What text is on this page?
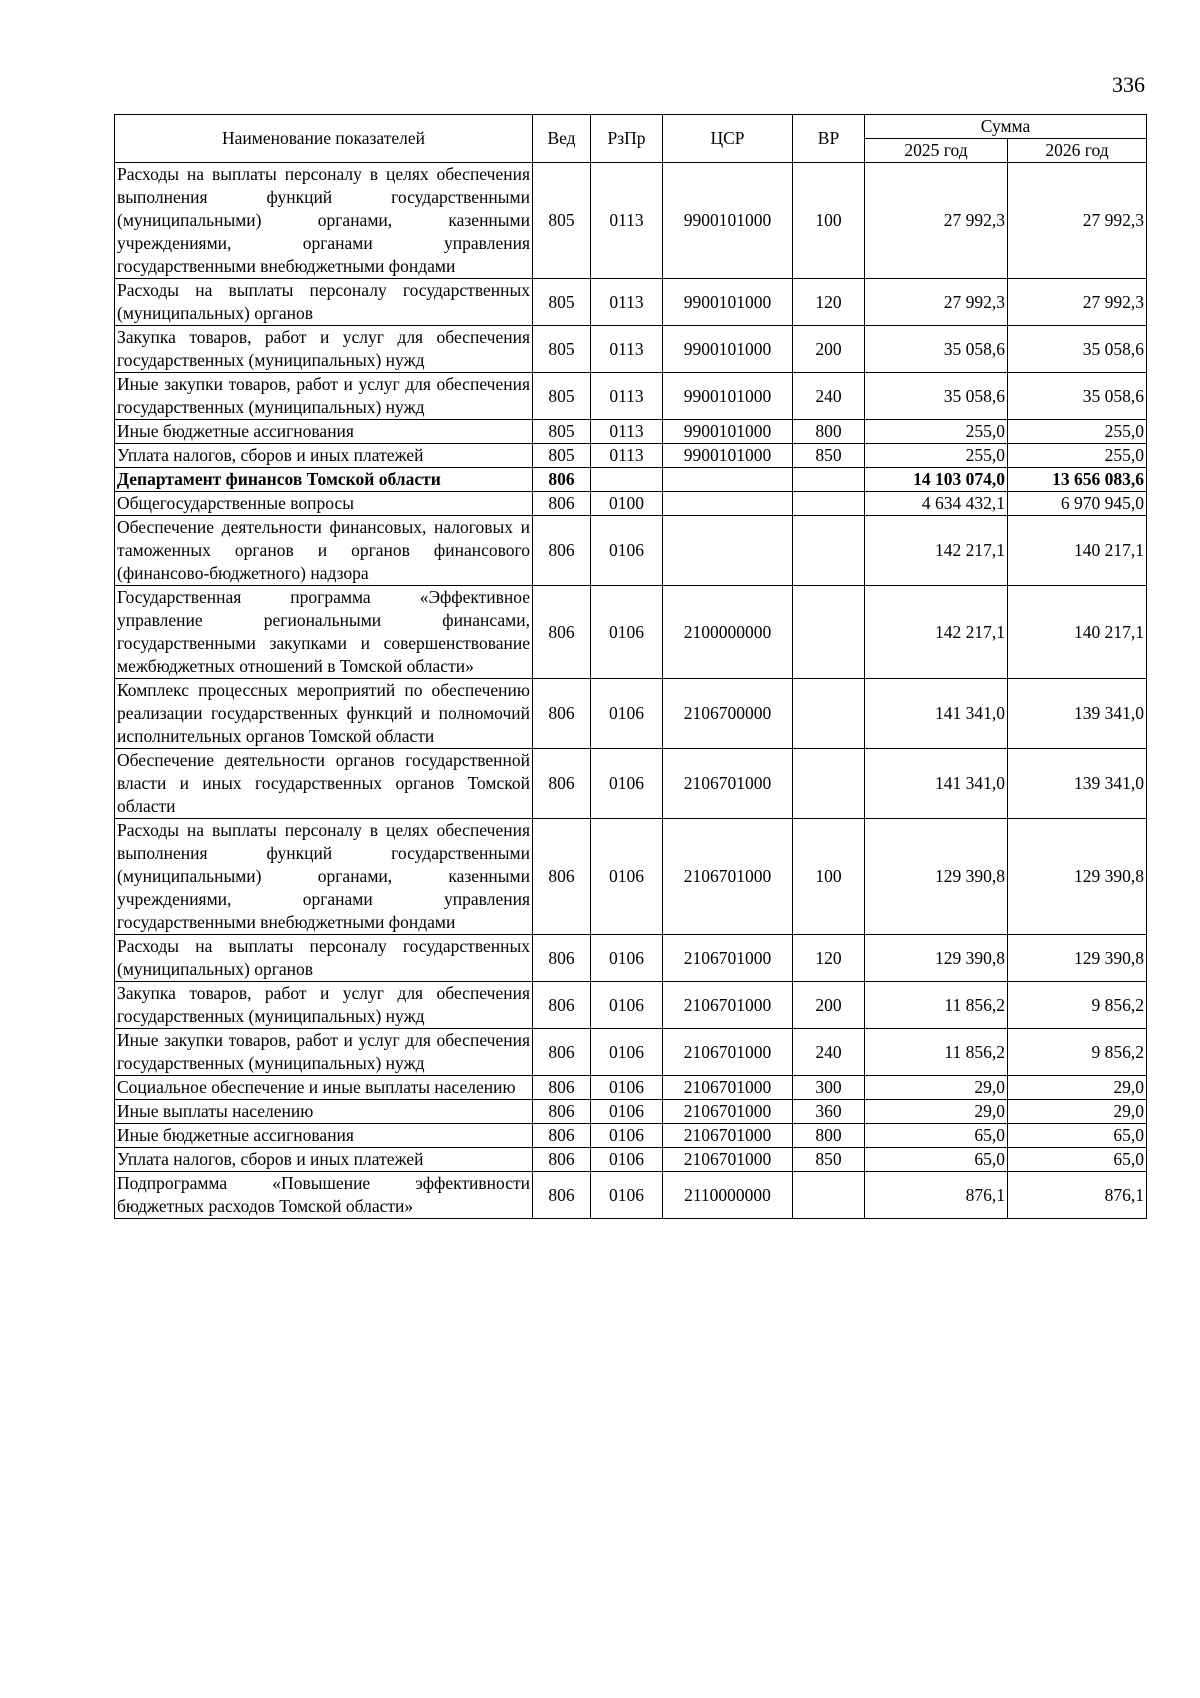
336
Наименование показателей	Вед	РзПр	ЦСР	ВР	Сумма	
					2025 год	2026 год
Расходы на выплаты персоналу в целях обеспечения выполнения функций государственными (муниципальными) органами, казенными учреждениями, органами управления государственными внебюджетными фондами	805	0113	9900101000	100	27 992,3	27 992,3
Расходы на выплаты персоналу государственных (муниципальных) органов	805	0113	9900101000	120	27 992,3	27 992,3
Закупка товаров, работ и услуг для обеспечения государственных (муниципальных) нужд	805	0113	9900101000	200	35 058,6	35 058,6
Иные закупки товаров, работ и услуг для обеспечения государственных (муниципальных) нужд	805	0113	9900101000	240	35 058,6	35 058,6
Иные бюджетные ассигнования	805	0113	9900101000	800	255,0	255,0
Уплата налогов, сборов и иных платежей	805	0113	9900101000	850	255,0	255,0
Департамент финансов Томской области	806				14 103 074,0	13 656 083,6
Общегосударственные вопросы	806	0100			4 634 432,1	6 970 945,0
Обеспечение деятельности финансовых, налоговых и таможенных органов и органов финансового (финансово-бюджетного) надзора	806	0106			142 217,1	140 217,1
Государственная программа «Эффективное управление региональными финансами, государственными закупками и совершенствование межбюджетных отношений в Томской области»	806	0106	2100000000		142 217,1	140 217,1
Комплекс процессных мероприятий по обеспечению реализации государственных функций и полномочий исполнительных органов Томской области	806	0106	2106700000		141 341,0	139 341,0
Обеспечение деятельности органов государственной власти и иных государственных органов Томской области	806	0106	2106701000		141 341,0	139 341,0
Расходы на выплаты персоналу в целях обеспечения выполнения функций государственными (муниципальными) органами, казенными учреждениями, органами управления государственными внебюджетными фондами	806	0106	2106701000	100	129 390,8	129 390,8
Расходы на выплаты персоналу государственных (муниципальных) органов	806	0106	2106701000	120	129 390,8	129 390,8
Закупка товаров, работ и услуг для обеспечения государственных (муниципальных) нужд	806	0106	2106701000	200	11 856,2	9 856,2
Иные закупки товаров, работ и услуг для обеспечения государственных (муниципальных) нужд	806	0106	2106701000	240	11 856,2	9 856,2
Социальное обеспечение и иные выплаты населению	806	0106	2106701000	300	29,0	29,0
Иные выплаты населению	806	0106	2106701000	360	29,0	29,0
Иные бюджетные ассигнования	806	0106	2106701000	800	65,0	65,0
Уплата налогов, сборов и иных платежей	806	0106	2106701000	850	65,0	65,0
Подпрограмма «Повышение эффективности бюджетных расходов Томской области»	806	0106	2110000000		876,1	876,1
